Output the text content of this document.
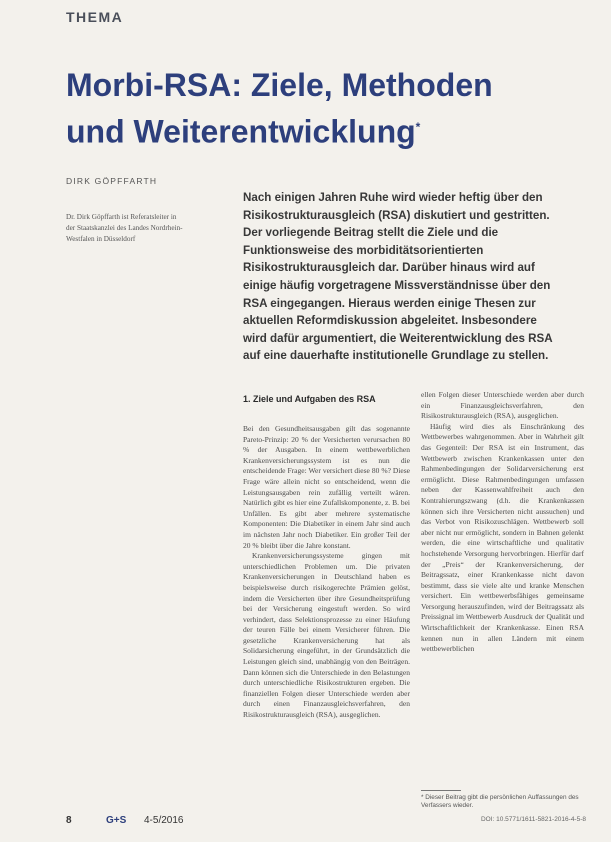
THEMA
Morbi-RSA: Ziele, Methoden und Weiterentwicklung*
DIRK GÖPFFARTH
Dr. Dirk Göpffarth ist Referatsleiter in der Staatskanzlei des Landes Nordrhein-Westfalen in Düsseldorf

Nach einigen Jahren Ruhe wird wieder heftig über den Risikostrukturausgleich (RSA) diskutiert und gestritten. Der vorliegende Beitrag stellt die Ziele und die Funktionsweise des morbiditätsorientierten Risikostrukturausgleich dar. Darüber hinaus wird auf einige häufig vorgetragene Missverständnisse über den RSA eingegangen. Hieraus werden einige Thesen zur aktuellen Reformdiskussion abgeleitet. Insbesondere wird dafür argumentiert, die Weiterentwicklung des RSA auf eine dauerhafte institutionelle Grundlage zu stellen.

1. Ziele und Aufgaben des RSA

Bei den Gesundheitsausgaben gilt das sogenannte Pareto-Prinzip: 20 % der Versicherten verursachen 80 % der Ausgaben. In einem wettbewerblichen Krankenversicherungssystem ist es nun die entscheidende Frage: Wer versichert diese 80 %? Diese Frage wäre allein nicht so entscheidend, wenn die Leistungsausgaben rein zufällig verteilt wären. Natürlich gibt es hier eine Zufallskomponente, z. B. bei Unfällen. Es gibt aber mehrere systematische Komponenten: Die Diabetiker in einem Jahr sind auch im nächsten Jahr noch Diabetiker. Ein großer Teil der 20 % bleibt über die Jahre konstant.

Krankenversicherungssysteme gingen mit unterschiedlichen Problemen um. Die privaten Krankenversicherungen in Deutschland haben es beispielsweise durch risikogerechte Prämien gelöst, indem die Versicherten über ihre Gesundheitsprüfung bei der Versicherung eingestuft werden. So wird verhindert, dass Selektionsprozesse zu einer Häufung der teuren Fälle bei einem Versicherer führen. Die gesetzliche Krankenversicherung hat als Solidarsicherung eingeführt, in der Grundsätzlich die Leistungen gleich sind, unabhängig von den Beiträgen. Dann können sich die Unterschiede in den Belastungen durch unterschiedliche Risikostrukturen ergeben. Die finanziellen Folgen dieser Unterschiede werden aber durch einen Finanzausgleichsverfahren, den Risikostrukturausgleich (RSA), ausgeglichen.

ellen Folgen dieser Unterschiede werden aber durch ein Finanzausgleichsverfahren, den Risikostrukturausgleich (RSA), ausgeglichen.

Häufig wird dies als Einschränkung des Wettbewerbes wahrgenommen. Aber in Wahrheit gilt das Gegenteil: Der RSA ist ein Instrument, das Wettbewerb zwischen Krankenkassen unter den Rahmenbedingungen der Solidarversicherung erst ermöglicht. Diese Rahmenbedingungen umfassen neben der Kassenwahlfreiheit auch den Kontrahierungszwang (d.h. die Krankenkassen können sich ihre Versicherten nicht aussuchen) und das Verbot von Risikozuschlägen. Wettbewerb soll aber nicht nur ermöglicht, sondern in Bahnen gelenkt werden, die eine wirtschaftliche und qualitativ hochstehende Versorgung hervorbringen. Hierfür darf der „Preis“ der Krankenversicherung, der Beitragssatz, einer Krankenkasse nicht davon bestimmt, dass sie viele alte und kranke Menschen versichert. Ein wettbewerbsfähiges gemeinsame Versorgung herauszufinden, wird der Beitragssatz als Preissignal im Wettbewerb Ausdruck der Qualität und Wirtschaftlichkeit der Krankenkasse. Einen RSA kennen nun in allen Ländern mit einem wettbewerblichen

* Dieser Beitrag gibt die persönlichen Auffassungen des Verfassers wieder.
8	G+S 4-5/2016	DOI: 10.5771/1611-5821-2016-4-5-8
